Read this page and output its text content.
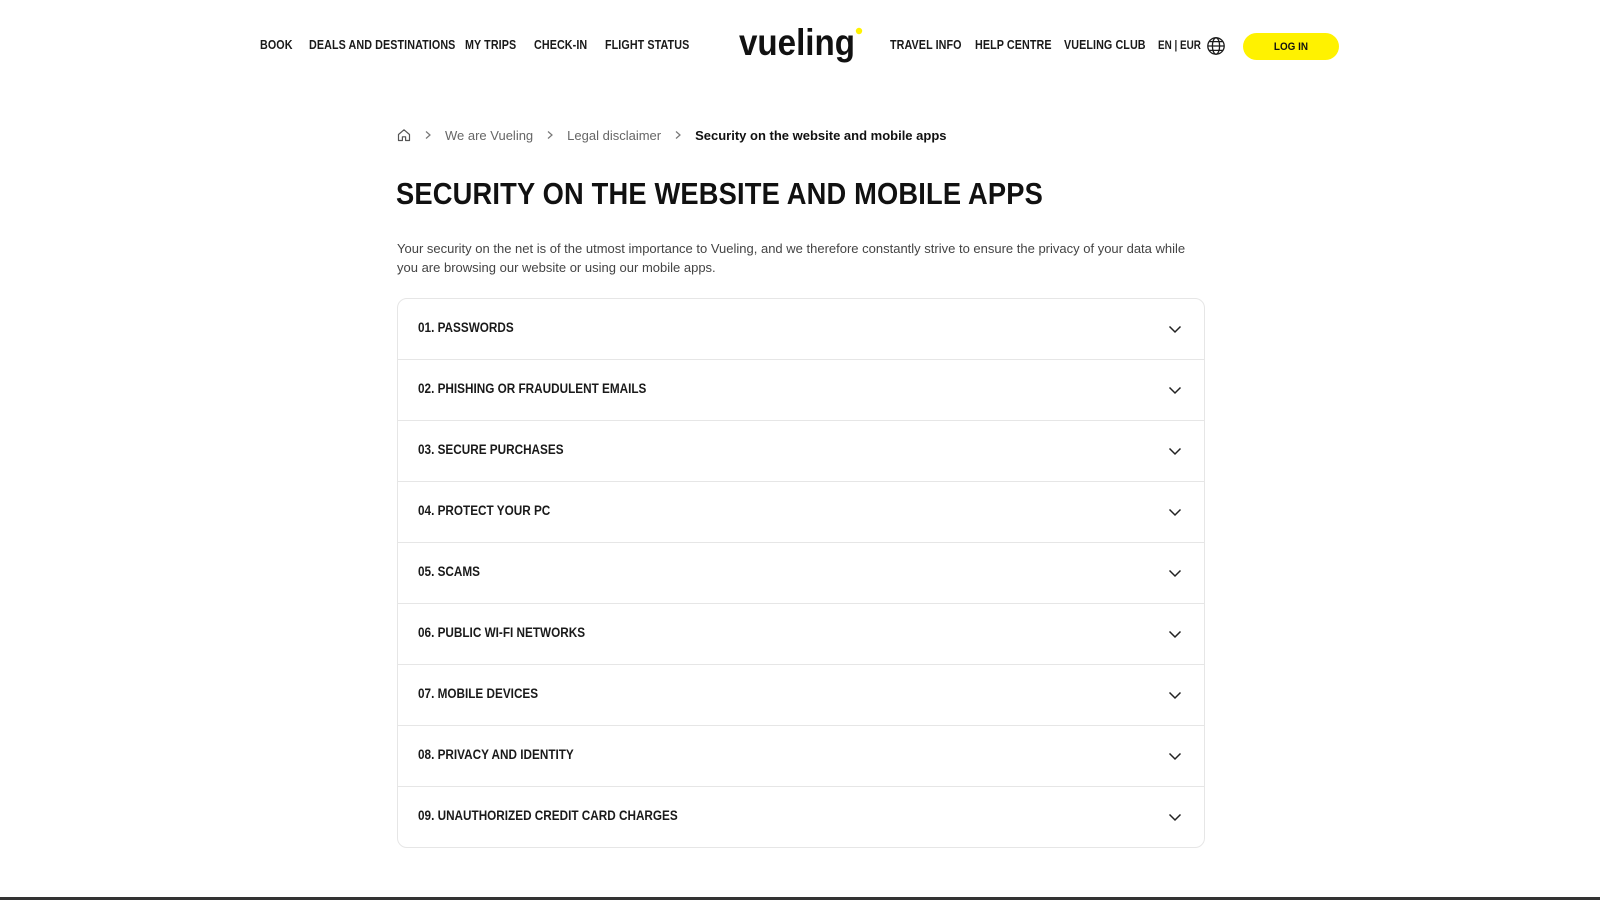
BOOK DEALS AND DESTINATIONS MY TRIPS CHECK-IN FLIGHT STATUS vueling	TRAVEL INFO HELP CENTRE VUELING CLUB EN | EUR	LOG IN
We are Vueling	Legal disclaimer	Security on the website and mobile apps
SECURITY ON THE WEBSITE AND MOBILE APPS

Your security on the net is of the utmost importance to Vueling, and we therefore constantly strive to ensure the privacy of your data while you are browsing our website or using our mobile apps.

01. PASSWORDS
02. PHISHING OR FRAUDULENT EMAILS
03. SECURE PURCHASES
04. PROTECT YOUR PC
05. SCAMS
06. PUBLIC WI-FI NETWORKS
07. MOBILE DEVICES
08. PRIVACY AND IDENTITY
09. UNAUTHORIZED CREDIT CARD CHARGES
